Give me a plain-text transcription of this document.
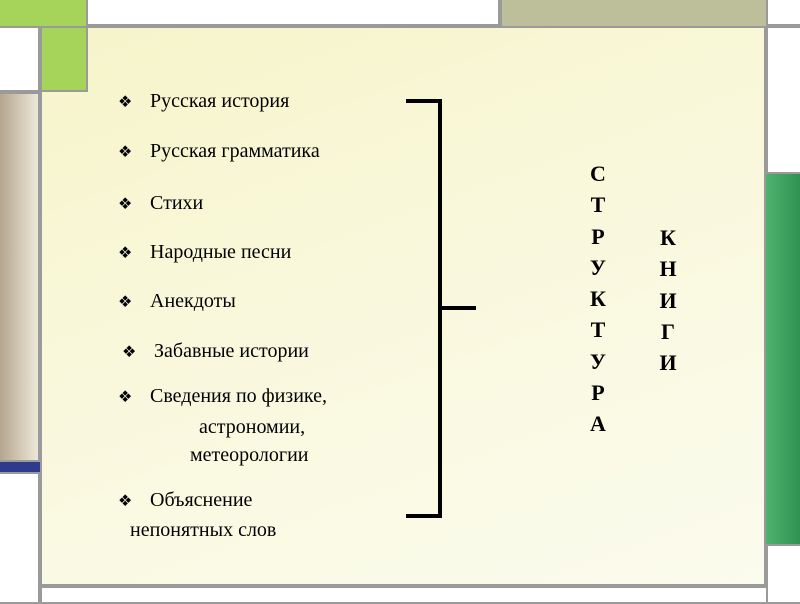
❖ Русская история
❖ Русская грамматика
❖ Стихи
❖ Народные песни
❖ Анекдоты
❖ Забавные истории
❖ Сведения по физике,
астрономии,
метеорологии
❖ Объяснение
непонятных слов
С
Т
Р
У
К
Т
У
Р
А
К
Н
И
Г
И
